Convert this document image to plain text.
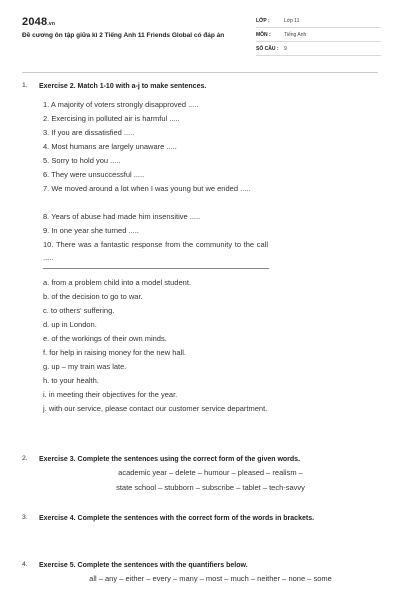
2048.vn
Đề cương ôn tập giữa kì 2 Tiếng Anh 11 Friends Global có đáp án
LỚP :	Lớp 11
MÔN :	Tiếng Anh
SỐ CÂU : 9
1. Exercise 2. Match 1-10 with a-j to make sentences.
1. A majority of voters strongly disapproved .....
2. Exercising in polluted air is harmful .....
3. If you are dissatisfied .....
4. Most humans are largely unaware .....
5. Sorry to hold you .....
6. They were unsuccessful .....
7. We moved around a lot when I was young but we ended .....
8. Years of abuse had made him insensitive .....
9. In one year she turned .....
10. There was a fantastic response from the community to the call .....
a. from a problem child into a model student.
b. of the decision to go to war.
c. to others' suffering.
d. up in London.
e. of the workings of their own minds.
f. for help in raising money for the new hall.
g. up – my train was late.
h. to your health.
i. in meeting their objectives for the year.
j. with our service, please contact our customer service department.
2. Exercise 3. Complete the sentences using the correct form of the given words.
academic year – delete – humour – pleased – realism –
state school – stubborn – subscribe – tablet – tech-savvy
3. Exercise 4. Complete the sentences with the correct form of the words in brackets.
4. Exercise 5. Complete the sentences with the quantifiers below.
all – any – either – every – many – most – much – neither – none – some
